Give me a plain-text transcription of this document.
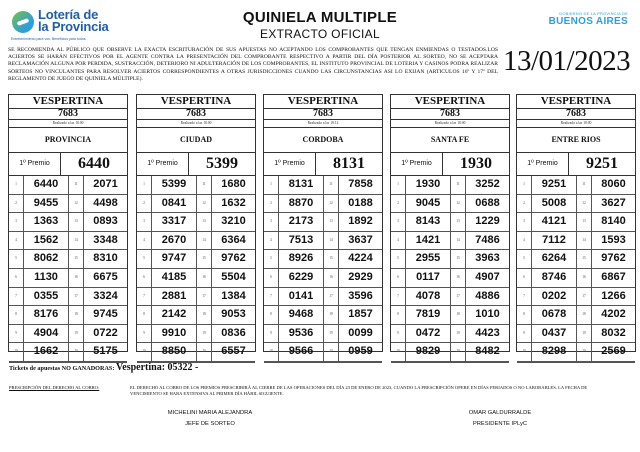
Lotería de
la Provincia
Entretenimiento para vos. Beneficios para todos.
GOBIERNO DE LA PROVINCIA DE
BUENOS AIRES
QUINIELA MULTIPLE
EXTRACTO OFICIAL
SE RECOMIENDA AL PÚBLICO QUE OBSERVE LA EXACTA ESCRITURACIÓN DE SUS APUESTAS NO ACEPTANDO LOS COMPROBANTES QUE TENGAN ENMIENDAS O TESTADOS.LOS ACIERTOS SE HARÁN EFECTIVOS POR EL AGENTE CONTRA LA PRESENTACIÓN DEL COMPROBANTE RESPECTIVO A PARTIR DEL DÍA POSTERIOR AL SORTEO, NO SE ACEPTARA RECLAMACIÓN ALGUNA POR PERDIDA, SUSTRACCIÓN, DETERIORO NI ADULTERACIÓN DE LOS COMPROBANTES, EL INSTITUTO PROVINCIAL DE LOTERIA Y CASINOS PODRA REALIZAR SORTEOS NO VINCULANTES PARA RESOLVER ACIERTOS CORRESPONDIENTES A OTRAS JURISDICCIONES CUANDO LAS CIRCUNSTANCIAS ASI LO EXIJAN (ARTICULOS 16º Y 17º DEL REGLAMENTO DE JUEGO DE QUINIELA MÚLTIPLE).
13/01/2023
VESPERTINA
7683
Realizado a las 18:00
PROVINCIA
1º Premio	6440
1	6440	11	2071
2	9455	12	4498
3	1363	13	0893
4	1562	14	3348
5	8062	15	8310
6	1130	16	6675
7	0355	17	3324
8	8176	18	9745
9	4904	19	0722
10	1662	20	5175
VESPERTINA
7683
Realizado a las 18:00
CIUDAD
1º Premio	5399
1	5399	11	1680
2	0841	12	1632
3	3317	13	3210
4	2670	14	6364
5	9747	15	9762
6	4185	16	5504
7	2881	17	1384
8	2142	18	9053
9	9910	19	0836
10	8850	20	6557
VESPERTINA
7683
Realizado a las 18:12
CORDOBA
1º Premio	8131
1	8131	11	7858
2	8870	12	0188
3	2173	13	1892
4	7513	14	3637
5	8926	15	4224
6	6229	16	2929
7	0141	17	3596
8	9468	18	1857
9	9536	19	0099
10	9566	20	0959
VESPERTINA
7683
Realizado a las 18:00
SANTA FE
1º Premio	1930
1	1930	11	3252
2	9045	12	0688
3	8143	13	1229
4	1421	14	7486
5	2955	15	3963
6	0117	16	4907
7	4078	17	4886
8	7819	18	1010
9	0472	19	4423
10	9829	20	8482
VESPERTINA
7683
Realizado a las 18:00
ENTRE RIOS
1º Premio	9251
1	9251	11	8060
2	5008	12	3627
3	4121	13	8140
4	7112	14	1593
5	6264	15	9762
6	8746	16	6867
7	0202	17	1266
8	0678	18	4202
9	0437	19	8032
10	8298	20	2569
Tickets de apuestas NO GANADORAS: Vespertina: 05322 -
PRESCRIPCIÓN DEL DERECHO AL COBRO:	EL DERECHO AL COBRO DE LOS PREMIOS PRESCRIBIRÁ AL CIERRE DE LAS OPERACIONES DEL DÍA 23 DE ENERO DE 2023, CUANDO LA PRESCRIPCIÓN OPERE EN DÍAS FERIADOS O NO LABORABLES, LA FECHA DE VENCIMIENTO SE HARA EXTENSIVA AL PRIMER DÍA HÁBIL SIGUIENTE.
MICHELINI MARIA ALEJANDRA
JEFE DE SORTEO
OMAR GALDURRALDE
PRESIDENTE IPLyC
